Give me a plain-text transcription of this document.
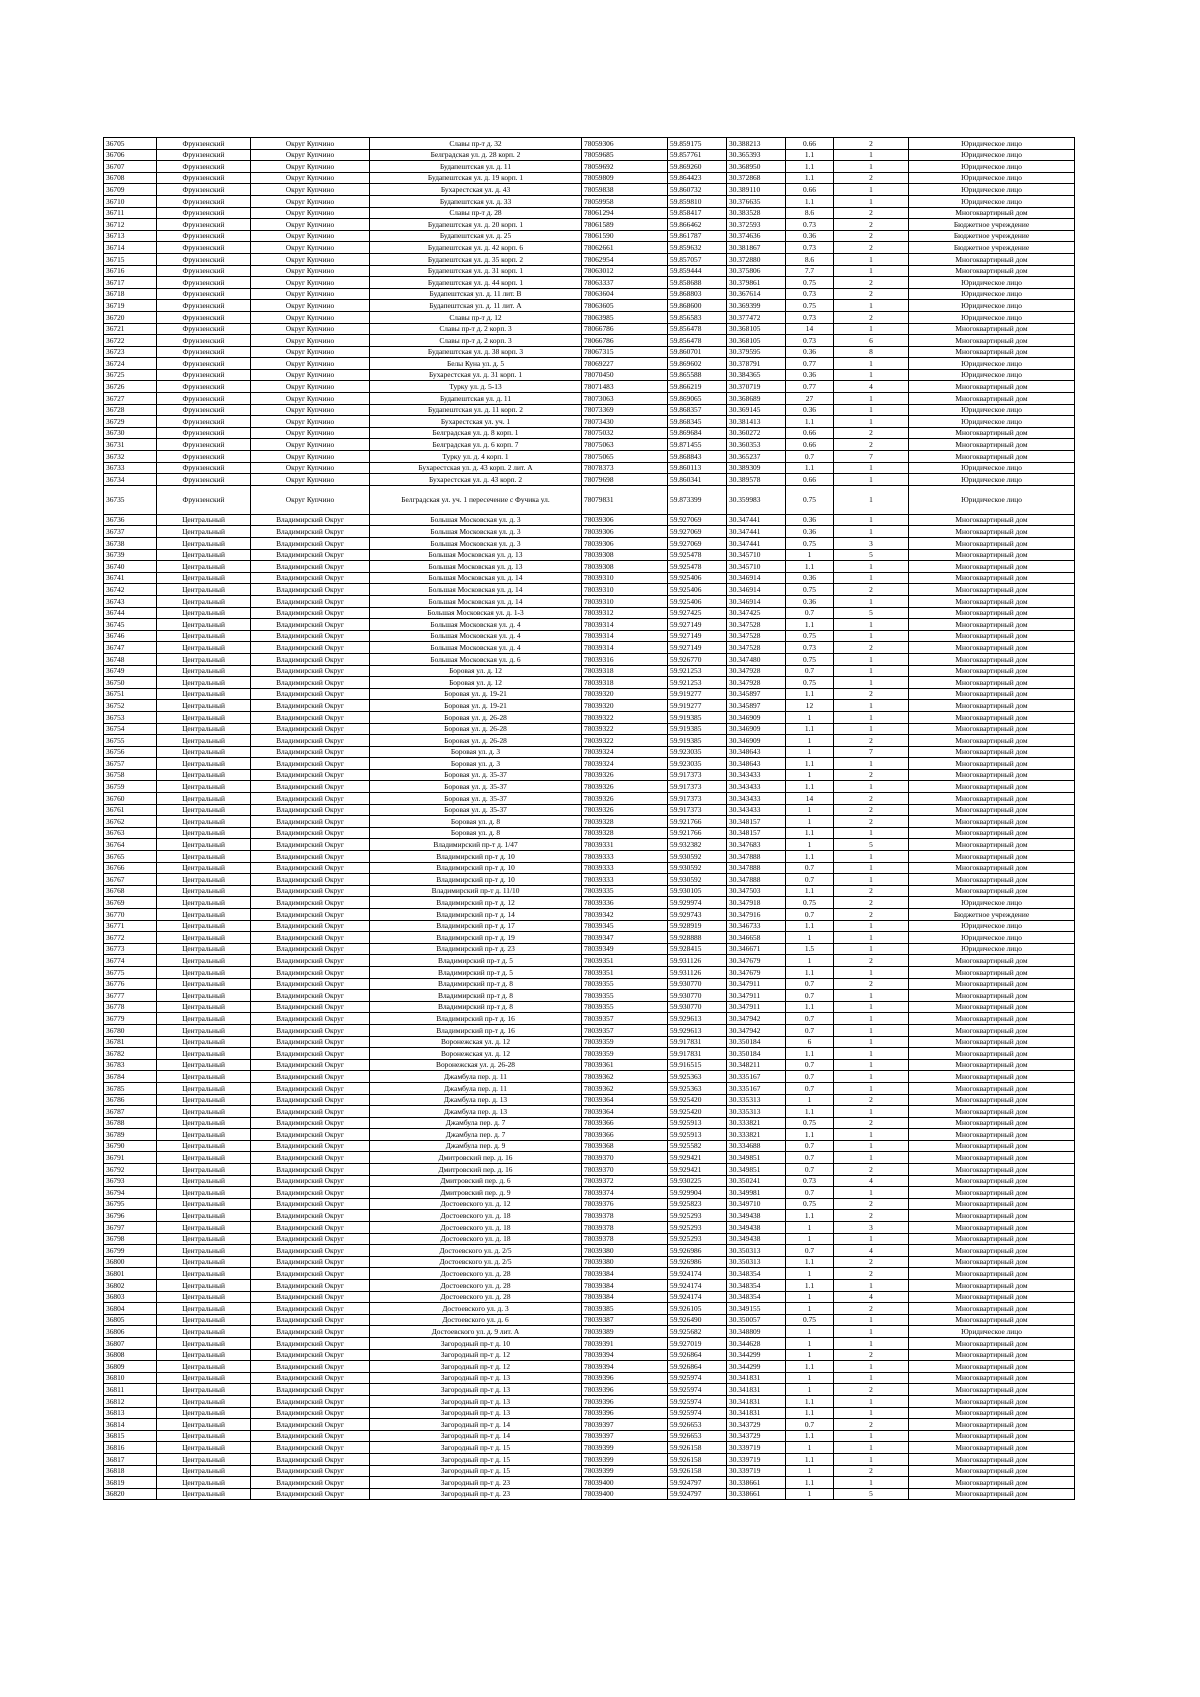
36705	Фрунзенский	Округ Купчино	Славы пр-т д. 32	78059306	59.859175	30.388213	0.66	2	Юридическое лицо
36706	Фрунзенский	Округ Купчино	Белградская ул. д. 28 корп. 2	78059685	59.857761	30.365393	1.1	1	Юридическое лицо
36707	Фрунзенский	Округ Купчино	Будапештская ул. д. 11	78059692	59.869260	30.368950	1.1	1	Юридическое лицо
36708	Фрунзенский	Округ Купчино	Будапештская ул. д. 19 корп. 1	78059809	59.864423	30.372868	1.1	2	Юридическое лицо
36709	Фрунзенский	Округ Купчино	Бухарестская ул. д. 43	78059838	59.860732	30.389110	0.66	1	Юридическое лицо
36710	Фрунзенский	Округ Купчино	Будапештская ул. д. 33	78059958	59.859810	30.376635	1.1	1	Юридическое лицо
36711	Фрунзенский	Округ Купчино	Славы пр-т д. 28	78061294	59.858417	30.383528	8.6	2	Многоквартирный дом
36712	Фрунзенский	Округ Купчино	Будапештская ул. д. 20 корп. 1	78061589	59.866462	30.372593	0.73	2	Бюджетное учреждение
36713	Фрунзенский	Округ Купчино	Будапештская ул. д. 25	78061590	59.861787	30.374636	0.36	2	Бюджетное учреждение
36714	Фрунзенский	Округ Купчино	Будапештская ул. д. 42 корп. 6	78062661	59.859632	30.381867	0.73	2	Бюджетное учреждение
36715	Фрунзенский	Округ Купчино	Будапештская ул. д. 35 корп. 2	78062954	59.857057	30.372880	8.6	1	Многоквартирный дом
36716	Фрунзенский	Округ Купчино	Будапештская ул. д. 31 корп. 1	78063012	59.859444	30.375806	7.7	1	Многоквартирный дом
36717	Фрунзенский	Округ Купчино	Будапештская ул. д. 44 корп. 1	78063337	59.858688	30.379861	0.75	2	Юридическое лицо
36718	Фрунзенский	Округ Купчино	Будапештская ул. д. 11 лит. В	78063604	59.868803	30.367614	0.73	2	Юридическое лицо
36719	Фрунзенский	Округ Купчино	Будапештская ул. д. 11 лит. А	78063605	59.868600	30.369399	0.75	1	Юридическое лицо
36720	Фрунзенский	Округ Купчино	Славы пр-т д. 12	78063985	59.856583	30.377472	0.73	2	Юридическое лицо
36721	Фрунзенский	Округ Купчино	Славы пр-т д. 2 корп. 3	78066786	59.856478	30.368105	14	1	Многоквартирный дом
36722	Фрунзенский	Округ Купчино	Славы пр-т д. 2 корп. 3	78066786	59.856478	30.368105	0.73	6	Многоквартирный дом
36723	Фрунзенский	Округ Купчино	Будапештская ул. д. 38 корп. 3	78067315	59.860701	30.379595	0.36	8	Многоквартирный дом
36724	Фрунзенский	Округ Купчино	Белы Куна ул. д. 5	78069227	59.869602	30.378791	0.77	1	Юридическое лицо
36725	Фрунзенский	Округ Купчино	Бухарестская ул. д. 31 корп. 1	78070450	59.865588	30.384365	0.36	1	Юридическое лицо
36726	Фрунзенский	Округ Купчино	Турку ул. д. 5-13	78071483	59.866219	30.370719	0.77	4	Многоквартирный дом
36727	Фрунзенский	Округ Купчино	Будапештская ул. д. 11	78073063	59.869065	30.368689	27	1	Многоквартирный дом
36728	Фрунзенский	Округ Купчино	Будапештская ул. д. 11 корп. 2	78073369	59.868357	30.369145	0.36	1	Юридическое лицо
36729	Фрунзенский	Округ Купчино	Бухарестская ул. уч. 1	78073430	59.868345	30.381413	1.1	1	Юридическое лицо
36730	Фрунзенский	Округ Купчино	Белградская ул. д. 8 корп. 1	78075032	59.869684	30.360272	0.66	2	Многоквартирный дом
36731	Фрунзенский	Округ Купчино	Белградская ул. д. 6 корп. 7	78075063	59.871455	30.360353	0.66	2	Многоквартирный дом
36732	Фрунзенский	Округ Купчино	Турку ул. д. 4 корп. 1	78075065	59.868843	30.365237	0.7	7	Многоквартирный дом
36733	Фрунзенский	Округ Купчино	Бухарестская ул. д. 43 корп. 2 лит. А	78078373	59.860113	30.389309	1.1	1	Юридическое лицо
36734	Фрунзенский	Округ Купчино	Бухарестская ул. д. 43 корп. 2	78079698	59.860341	30.389578	0.66	1	Юридическое лицо
36735	Фрунзенский	Округ Купчино	Белградская ул. уч. 1 пересечение с Фучика ул.	78079831	59.873399	30.359983	0.75	1	Юридическое лицо
36736	Центральный	Владимирский Округ	Большая Московская ул. д. 3	78039306	59.927069	30.347441	0.36	1	Многоквартирный дом
36737	Центральный	Владимирский Округ	Большая Московская ул. д. 3	78039306	59.927069	30.347441	0.36	1	Многоквартирный дом
36738	Центральный	Владимирский Округ	Большая Московская ул. д. 3	78039306	59.927069	30.347441	0.75	3	Многоквартирный дом
36739	Центральный	Владимирский Округ	Большая Московская ул. д. 13	78039308	59.925478	30.345710	1	5	Многоквартирный дом
36740	Центральный	Владимирский Округ	Большая Московская ул. д. 13	78039308	59.925478	30.345710	1.1	1	Многоквартирный дом
36741	Центральный	Владимирский Округ	Большая Московская ул. д. 14	78039310	59.925406	30.346914	0.36	1	Многоквартирный дом
36742	Центральный	Владимирский Округ	Большая Московская ул. д. 14	78039310	59.925406	30.346914	0.75	2	Многоквартирный дом
36743	Центральный	Владимирский Округ	Большая Московская ул. д. 14	78039310	59.925406	30.346914	0.36	1	Многоквартирный дом
36744	Центральный	Владимирский Округ	Большая Московская ул. д. 1-3	78039312	59.927425	30.347425	0.7	5	Многоквартирный дом
36745	Центральный	Владимирский Округ	Большая Московская ул. д. 4	78039314	59.927149	30.347528	1.1	1	Многоквартирный дом
36746	Центральный	Владимирский Округ	Большая Московская ул. д. 4	78039314	59.927149	30.347528	0.75	1	Многоквартирный дом
36747	Центральный	Владимирский Округ	Большая Московская ул. д. 4	78039314	59.927149	30.347528	0.73	2	Многоквартирный дом
36748	Центральный	Владимирский Округ	Большая Московская ул. д. 6	78039316	59.926770	30.347480	0.75	1	Многоквартирный дом
36749	Центральный	Владимирский Округ	Боровая ул. д. 12	78039318	59.921253	30.347928	0.7	1	Многоквартирный дом
36750	Центральный	Владимирский Округ	Боровая ул. д. 12	78039318	59.921253	30.347928	0.75	1	Многоквартирный дом
36751	Центральный	Владимирский Округ	Боровая ул. д. 19-21	78039320	59.919277	30.345897	1.1	2	Многоквартирный дом
36752	Центральный	Владимирский Округ	Боровая ул. д. 19-21	78039320	59.919277	30.345897	12	1	Многоквартирный дом
36753	Центральный	Владимирский Округ	Боровая ул. д. 26-28	78039322	59.919385	30.346909	1	1	Многоквартирный дом
36754	Центральный	Владимирский Округ	Боровая ул. д. 26-28	78039322	59.919385	30.346909	1.1	1	Многоквартирный дом
36755	Центральный	Владимирский Округ	Боровая ул. д. 26-28	78039322	59.919385	30.346909	1	2	Многоквартирный дом
36756	Центральный	Владимирский Округ	Боровая ул. д. 3	78039324	59.923035	30.348643	1	7	Многоквартирный дом
36757	Центральный	Владимирский Округ	Боровая ул. д. 3	78039324	59.923035	30.348643	1.1	1	Многоквартирный дом
36758	Центральный	Владимирский Округ	Боровая ул. д. 35-37	78039326	59.917373	30.343433	1	2	Многоквартирный дом
36759	Центральный	Владимирский Округ	Боровая ул. д. 35-37	78039326	59.917373	30.343433	1.1	1	Многоквартирный дом
36760	Центральный	Владимирский Округ	Боровая ул. д. 35-37	78039326	59.917373	30.343433	14	2	Многоквартирный дом
36761	Центральный	Владимирский Округ	Боровая ул. д. 35-37	78039326	59.917373	30.343433	1	2	Многоквартирный дом
36762	Центральный	Владимирский Округ	Боровая ул. д. 8	78039328	59.921766	30.348157	1	2	Многоквартирный дом
36763	Центральный	Владимирский Округ	Боровая ул. д. 8	78039328	59.921766	30.348157	1.1	1	Многоквартирный дом
36764	Центральный	Владимирский Округ	Владимирский пр-т д. 1/47	78039331	59.932382	30.347683	1	5	Многоквартирный дом
36765	Центральный	Владимирский Округ	Владимирский пр-т д. 10	78039333	59.930592	30.347888	1.1	1	Многоквартирный дом
36766	Центральный	Владимирский Округ	Владимирский пр-т д. 10	78039333	59.930592	30.347888	0.7	1	Многоквартирный дом
36767	Центральный	Владимирский Округ	Владимирский пр-т д. 10	78039333	59.930592	30.347888	0.7	1	Многоквартирный дом
36768	Центральный	Владимирский Округ	Владимирский пр-т д. 11/10	78039335	59.930105	30.347503	1.1	2	Многоквартирный дом
36769	Центральный	Владимирский Округ	Владимирский пр-т д. 12	78039336	59.929974	30.347918	0.75	2	Юридическое лицо
36770	Центральный	Владимирский Округ	Владимирский пр-т д. 14	78039342	59.929743	30.347916	0.7	2	Бюджетное учреждение
36771	Центральный	Владимирский Округ	Владимирский пр-т д. 17	78039345	59.928919	30.346733	1.1	1	Юридическое лицо
36772	Центральный	Владимирский Округ	Владимирский пр-т д. 19	78039347	59.928888	30.346658	1	1	Юридическое лицо
36773	Центральный	Владимирский Округ	Владимирский пр-т д. 23	78039349	59.928415	30.346671	1.5	1	Юридическое лицо
36774	Центральный	Владимирский Округ	Владимирский пр-т д. 5	78039351	59.931126	30.347679	1	2	Многоквартирный дом
36775	Центральный	Владимирский Округ	Владимирский пр-т д. 5	78039351	59.931126	30.347679	1.1	1	Многоквартирный дом
36776	Центральный	Владимирский Округ	Владимирский пр-т д. 8	78039355	59.930770	30.347911	0.7	2	Многоквартирный дом
36777	Центральный	Владимирский Округ	Владимирский пр-т д. 8	78039355	59.930770	30.347911	0.7	1	Многоквартирный дом
36778	Центральный	Владимирский Округ	Владимирский пр-т д. 8	78039355	59.930770	30.347911	1.1	1	Многоквартирный дом
36779	Центральный	Владимирский Округ	Владимирский пр-т д. 16	78039357	59.929613	30.347942	0.7	1	Многоквартирный дом
36780	Центральный	Владимирский Округ	Владимирский пр-т д. 16	78039357	59.929613	30.347942	0.7	1	Многоквартирный дом
36781	Центральный	Владимирский Округ	Воронежская ул. д. 12	78039359	59.917831	30.350184	6	1	Многоквартирный дом
36782	Центральный	Владимирский Округ	Воронежская ул. д. 12	78039359	59.917831	30.350184	1.1	1	Многоквартирный дом
36783	Центральный	Владимирский Округ	Воронежская ул. д. 26-28	78039361	59.916515	30.348211	0.7	1	Многоквартирный дом
36784	Центральный	Владимирский Округ	Джамбула пер. д. 11	78039362	59.925363	30.335167	0.7	1	Многоквартирный дом
36785	Центральный	Владимирский Округ	Джамбула пер. д. 11	78039362	59.925363	30.335167	0.7	1	Многоквартирный дом
36786	Центральный	Владимирский Округ	Джамбула пер. д. 13	78039364	59.925420	30.335313	1	2	Многоквартирный дом
36787	Центральный	Владимирский Округ	Джамбула пер. д. 13	78039364	59.925420	30.335313	1.1	1	Многоквартирный дом
36788	Центральный	Владимирский Округ	Джамбула пер. д. 7	78039366	59.925913	30.333821	0.75	2	Многоквартирный дом
36789	Центральный	Владимирский Округ	Джамбула пер. д. 7	78039366	59.925913	30.333821	1.1	1	Многоквартирный дом
36790	Центральный	Владимирский Округ	Джамбула пер. д. 9	78039368	59.925582	30.334688	0.7	1	Многоквартирный дом
36791	Центральный	Владимирский Округ	Дмитровский пер. д. 16	78039370	59.929421	30.349851	0.7	1	Многоквартирный дом
36792	Центральный	Владимирский Округ	Дмитровский пер. д. 16	78039370	59.929421	30.349851	0.7	2	Многоквартирный дом
36793	Центральный	Владимирский Округ	Дмитровский пер. д. 6	78039372	59.930225	30.350241	0.73	4	Многоквартирный дом
36794	Центральный	Владимирский Округ	Дмитровский пер. д. 9	78039374	59.929904	30.349981	0.7	1	Многоквартирный дом
36795	Центральный	Владимирский Округ	Достоевского ул. д. 12	78039376	59.925823	30.349710	0.75	2	Многоквартирный дом
36796	Центральный	Владимирский Округ	Достоевского ул. д. 18	78039378	59.925293	30.349438	1.1	2	Многоквартирный дом
36797	Центральный	Владимирский Округ	Достоевского ул. д. 18	78039378	59.925293	30.349438	1	3	Многоквартирный дом
36798	Центральный	Владимирский Округ	Достоевского ул. д. 18	78039378	59.925293	30.349438	1	1	Многоквартирный дом
36799	Центральный	Владимирский Округ	Достоевского ул. д. 2/5	78039380	59.926986	30.350313	0.7	4	Многоквартирный дом
36800	Центральный	Владимирский Округ	Достоевского ул. д. 2/5	78039380	59.926986	30.350313	1.1	2	Многоквартирный дом
36801	Центральный	Владимирский Округ	Достоевского ул. д. 28	78039384	59.924174	30.348354	1	2	Многоквартирный дом
36802	Центральный	Владимирский Округ	Достоевского ул. д. 28	78039384	59.924174	30.348354	1.1	1	Многоквартирный дом
36803	Центральный	Владимирский Округ	Достоевского ул. д. 28	78039384	59.924174	30.348354	1	4	Многоквартирный дом
36804	Центральный	Владимирский Округ	Достоевского ул. д. 3	78039385	59.926105	30.349155	1	2	Многоквартирный дом
36805	Центральный	Владимирский Округ	Достоевского ул. д. 6	78039387	59.926490	30.350057	0.75	1	Многоквартирный дом
36806	Центральный	Владимирский Округ	Достоевского ул. д. 9 лит. А	78039389	59.925682	30.348809	1	1	Юридическое лицо
36807	Центральный	Владимирский Округ	Загородный пр-т д. 10	78039391	59.927019	30.344628	1	1	Многоквартирный дом
36808	Центральный	Владимирский Округ	Загородный пр-т д. 12	78039394	59.926864	30.344299	1	2	Многоквартирный дом
36809	Центральный	Владимирский Округ	Загородный пр-т д. 12	78039394	59.926864	30.344299	1.1	1	Многоквартирный дом
36810	Центральный	Владимирский Округ	Загородный пр-т д. 13	78039396	59.925974	30.341831	1	1	Многоквартирный дом
36811	Центральный	Владимирский Округ	Загородный пр-т д. 13	78039396	59.925974	30.341831	1	2	Многоквартирный дом
36812	Центральный	Владимирский Округ	Загородный пр-т д. 13	78039396	59.925974	30.341831	1.1	1	Многоквартирный дом
36813	Центральный	Владимирский Округ	Загородный пр-т д. 13	78039396	59.925974	30.341831	1.1	1	Многоквартирный дом
36814	Центральный	Владимирский Округ	Загородный пр-т д. 14	78039397	59.926653	30.343729	0.7	2	Многоквартирный дом
36815	Центральный	Владимирский Округ	Загородный пр-т д. 14	78039397	59.926653	30.343729	1.1	1	Многоквартирный дом
36816	Центральный	Владимирский Округ	Загородный пр-т д. 15	78039399	59.926158	30.339719	1	1	Многоквартирный дом
36817	Центральный	Владимирский Округ	Загородный пр-т д. 15	78039399	59.926158	30.339719	1.1	1	Многоквартирный дом
36818	Центральный	Владимирский Округ	Загородный пр-т д. 15	78039399	59.926158	30.339719	1	2	Многоквартирный дом
36819	Центральный	Владимирский Округ	Загородный пр-т д. 23	78039400	59.924797	30.338661	1.1	1	Многоквартирный дом
36820	Центральный	Владимирский Округ	Загородный пр-т д. 23	78039400	59.924797	30.338661	1	5	Многоквартирный дом
